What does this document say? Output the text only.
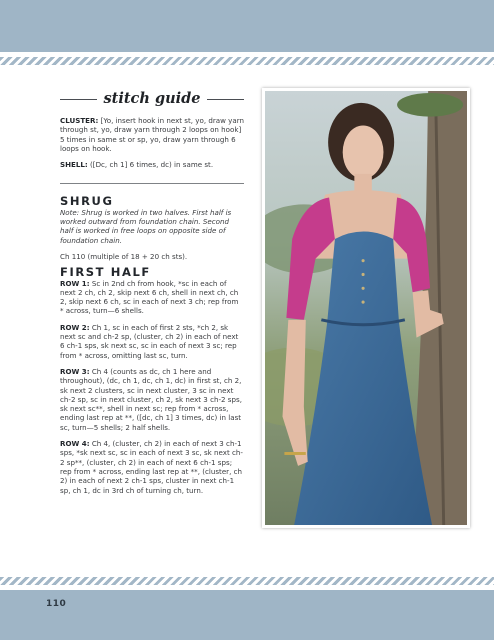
stitch guide

CLUSTER: [Yo, insert hook in next st, yo, draw yarn through st, yo, draw yarn through 2 loops on hook] 5 times in same st or sp, yo, draw yarn through 6 loops on hook.

SHELL: ([Dc, ch 1] 6 times, dc) in same st.

SHRUG

Note: Shrug is worked in two halves. First half is worked outward from foundation chain. Second half is worked in free loops on opposite side of foundation chain.

Ch 110 (multiple of 18 + 20 ch sts).

FIRST HALF

ROW 1: Sc in 2nd ch from hook, *sc in each of next 2 ch, ch 2, skip next 6 ch, shell in next ch, ch 2, skip next 6 ch, sc in each of next 3 ch; rep from * across, turn—6 shells.

ROW 2: Ch 1, sc in each of first 2 sts, *ch 2, sk next sc and ch-2 sp, (cluster, ch 2) in each of next 6 ch-1 sps, sk next sc, sc in each of next 3 sc; rep from * across, omitting last sc, turn.

ROW 3: Ch 4 (counts as dc, ch 1 here and throughout), (dc, ch 1, dc, ch 1, dc) in first st, ch 2, sk next 2 clusters, sc in next cluster, 3 sc in next ch-2 sp, sc in next cluster, ch 2, sk next 3 ch-2 sps, sk next sc**, shell in next sc; rep from * across, ending last rep at **, ([dc, ch 1] 3 times, dc) in last sc, turn—5 shells; 2 half shells.

ROW 4: Ch 4, (cluster, ch 2) in each of next 3 ch-1 sps, *sk next sc, sc in each of next 3 sc, sk next ch-2 sp**, (cluster, ch 2) in each of next 6 ch-1 sps; rep from * across, ending last rep at **, (cluster, ch 2) in each of next 2 ch-1 sps, cluster in next ch-1 sp, ch 1, dc in 3rd ch of turning ch, turn.

110
